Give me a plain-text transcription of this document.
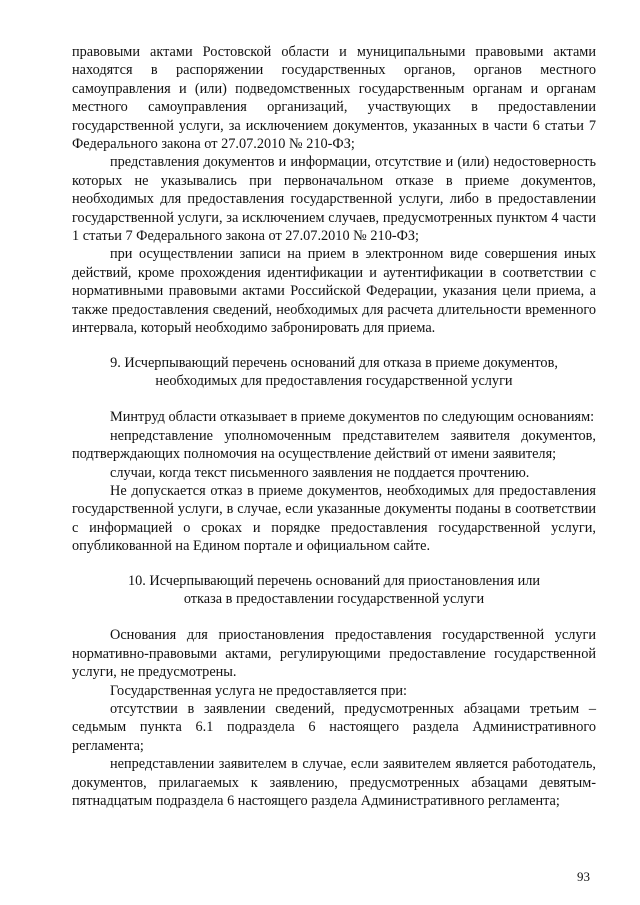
правовыми актами Ростовской области и муниципальными правовыми актами находятся в распоряжении государственных органов, органов местного самоуправления и (или) подведомственных государственным органам и органам местного самоуправления организаций, участвующих в предоставлении государственной услуги, за исключением документов, указанных в части 6 статьи 7 Федерального закона от 27.07.2010 № 210-ФЗ;

представления документов и информации, отсутствие и (или) недостоверность которых не указывались при первоначальном отказе в приеме документов, необходимых для предоставления государственной услуги, либо в предоставлении государственной услуги, за исключением случаев, предусмотренных пунктом 4 части 1 статьи 7 Федерального закона от 27.07.2010 № 210-ФЗ;

при осуществлении записи на прием в электронном виде совершения иных действий, кроме прохождения идентификации и аутентификации в соответствии с нормативными правовыми актами Российской Федерации, указания цели приема, а также предоставления сведений, необходимых для расчета длительности временного интервала, который необходимо забронировать для приема.

9. Исчерпывающий перечень оснований для отказа в приеме документов,

необходимых для предоставления государственной услуги

Минтруд области отказывает в приеме документов по следующим основаниям:

непредставление уполномоченным представителем заявителя документов, подтверждающих полномочия на осуществление действий от имени заявителя;

случаи, когда текст письменного заявления не поддается прочтению.

Не допускается отказ в приеме документов, необходимых для предоставления государственной услуги, в случае, если указанные документы поданы в соответствии с информацией о сроках и порядке предоставления государственной услуги, опубликованной на Едином портале и официальном сайте.

10. Исчерпывающий перечень оснований для приостановления или

отказа в предоставлении государственной услуги

Основания для приостановления предоставления государственной услуги нормативно-правовыми актами, регулирующими предоставление государственной услуги, не предусмотрены.

Государственная услуга не предоставляется при:

отсутствии в заявлении сведений, предусмотренных абзацами третьим – седьмым пункта 6.1 подраздела 6 настоящего раздела Административного регламента;

непредставлении заявителем в случае, если заявителем является работодатель, документов, прилагаемых к заявлению, предусмотренных абзацами девятым-пятнадцатым подраздела 6 настоящего раздела Административного регламента;

93
